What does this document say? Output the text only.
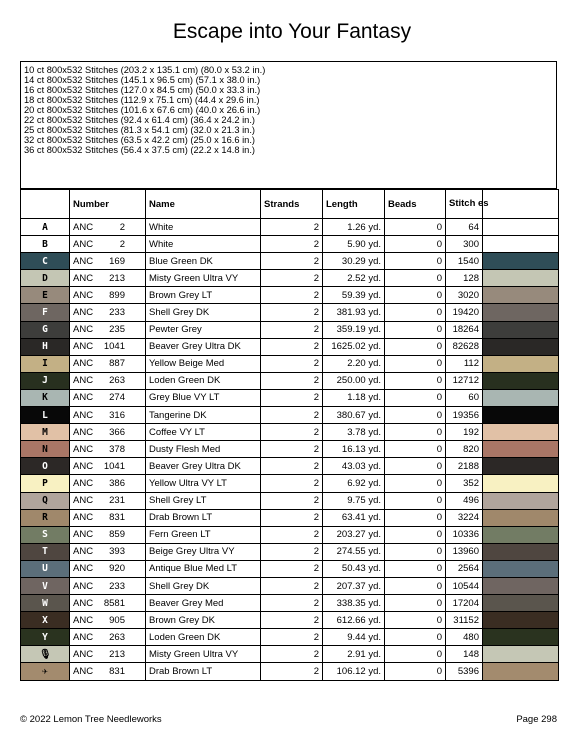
Escape into Your Fantasy
10 ct 800x532 Stitches (203.2 x 135.1 cm) (80.0 x 53.2 in.)
14 ct 800x532 Stitches (145.1 x 96.5 cm) (57.1 x 38.0 in.)
16 ct 800x532 Stitches (127.0 x 84.5 cm) (50.0 x 33.3 in.)
18 ct 800x532 Stitches (112.9 x 75.1 cm) (44.4 x 29.6 in.)
20 ct 800x532 Stitches (101.6 x 67.6 cm) (40.0 x 26.6 in.)
22 ct 800x532 Stitches (92.4 x 61.4 cm) (36.4 x 24.2 in.)
25 ct 800x532 Stitches (81.3 x 54.1 cm) (32.0 x 21.3 in.)
32 ct 800x532 Stitches (63.5 x 42.2 cm) (25.0 x 16.6 in.)
36 ct 800x532 Stitches (56.4 x 37.5 cm) (22.2 x 14.8 in.)
	Number	Name	Strands	Length	Beads	Stitch es	
A	ANC 2	White	2	1.26 yd.	0	64	
B	ANC 2	White	2	5.90 yd.	0	300	
C	ANC 169	Blue Green DK	2	30.29 yd.	0	1540	
D	ANC 213	Misty Green Ultra VY	2	2.52 yd.	0	128	
E	ANC 899	Brown Grey LT	2	59.39 yd.	0	3020	
F	ANC 233	Shell Grey DK	2	381.93 yd.	0	19420	
G	ANC 235	Pewter Grey	2	359.19 yd.	0	18264	
H	ANC 1041	Beaver Grey Ultra DK	2	1625.02 yd.	0	82628	
I	ANC 887	Yellow Beige Med	2	2.20 yd.	0	112	
J	ANC 263	Loden Green DK	2	250.00 yd.	0	12712	
K	ANC 274	Grey Blue VY LT	2	1.18 yd.	0	60	
L	ANC 316	Tangerine DK	2	380.67 yd.	0	19356	
M	ANC 366	Coffee VY LT	2	3.78 yd.	0	192	
N	ANC 378	Dusty Flesh Med	2	16.13 yd.	0	820	
O	ANC 1041	Beaver Grey Ultra DK	2	43.03 yd.	0	2188	
P	ANC 386	Yellow Ultra VY LT	2	6.92 yd.	0	352	
Q	ANC 231	Shell Grey LT	2	9.75 yd.	0	496	
R	ANC 831	Drab Brown LT	2	63.41 yd.	0	3224	
S	ANC 859	Fern Green LT	2	203.27 yd.	0	10336	
T	ANC 393	Beige Grey Ultra VY	2	274.55 yd.	0	13960	
U	ANC 920	Antique Blue Med LT	2	50.43 yd.	0	2564	
V	ANC 233	Shell Grey DK	2	207.37 yd.	0	10544	
W	ANC 8581	Beaver Grey Med	2	338.35 yd.	0	17204	
X	ANC 905	Brown Grey DK	2	612.66 yd.	0	31152	
Y	ANC 263	Loden Green DK	2	9.44 yd.	0	480	
🎙	ANC 213	Misty Green Ultra VY	2	2.91 yd.	0	148	
✈	ANC 831	Drab Brown LT	2	106.12 yd.	0	5396	
© 2022 Lemon Tree Needleworks	Page 298
